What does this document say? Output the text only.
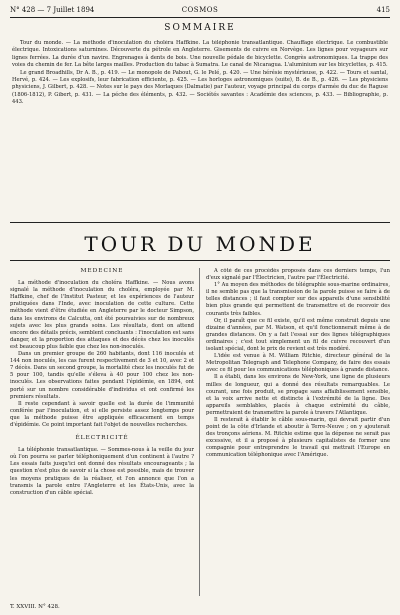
N° 428 — 7 Juillet 1894	COSMOS	415
SOMMAIRE

Tour du monde. — La méthode d'inoculation du choléra Haffkine. La téléphonie transatlantique. Chauffage électrique. Le combustible électrique. Intoxications saturnines. Découverte du pétrole en Angleterre. Gisements de cuivre en Norvège. Les lignes pour voyageurs sur lignes ferrées. La durée d'un navire. Engrenages à dents de bois. Une nouvelle pédale de bicyclette. Congrès astronomiques. La trappe des voies du chemin de fer. La bête larges mailles. Production du tabac à Sumatra. Le canal de Nicaragua. L'aluminium sur les bicyclettes, p. 415.

Le grand Broadhills, Dr A. B., p. 419. — Le monopole de Pabout, G. le Pelé, p. 420. — Une hérésie mystérieuse, p. 422. — Tours et santal, Hervé, p. 424. — Les explosifs, leur fabrication efficiente, p. 425. — Les horloges astronomiques (suite), B. de B., p. 426. — Les physiciens physiciens, J. Gilbert, p. 428. — Notes sur le pays des Morlaques (Dalmatie) par l'auteur, voyage principal du corps d'armée du duc de Raguse (1806-1812), P. Gibert, p. 431. — La péche des éléments, p. 432. — Sociétés savantes : Académie des sciences, p. 433. — Bibliographie, p. 443.

TOUR DU MONDE

MÉDECINE

La méthode d'inoculation du choléra Haffkine. — Nous avons signalé la méthode d'inoculation du choléra, employée par M. Haffkine, chef de l'Institut Pasteur, et les expériences de l'auteur pratiquées dans l'Inde, avec inoculation de cette culture. Cette méthode vient d'être étudiée en Angleterre par le docteur Simpson, dans les environs de Calcutta, ont été poursuivies sur de nombreux sujets avec les plus grands soins. Les résultats, dont on attend encore des détails précis, semblent concluants : l'inoculation est sans danger, et la proportion des attaques et des décès chez les inoculés est beaucoup plus faible que chez les non-inoculés.

Dans un premier groupe de 260 habitants, dont 116 inoculés et 144 non inoculés, les cas furent respectivement de 3 et 10, avec 2 et 7 décès. Dans un second groupe, la mortalité chez les inoculés fut de 5 pour 100, tandis qu'elle s'éleva à 40 pour 100 chez les non-inoculés. Les observations faites pendant l'épidémie, en 1894, ont porté sur un nombre considérable d'individus et ont confirmé les premiers résultats.

Il reste cependant à savoir quelle est la durée de l'immunité conférée par l'inoculation, et si elle persiste assez longtemps pour que la méthode puisse être appliquée efficacement en temps d'épidémie. Ce point important fait l'objet de nouvelles recherches.

ÉLECTRICITÉ

La téléphonie transatlantique. — Sommes-nous à la veille du jour où l'on pourra se parler téléphoniquement d'un continent à l'autre ? Les essais faits jusqu'ici ont donné des résultats encourageants ; la question n'est plus de savoir si la chose est possible, mais de trouver les moyens pratiques de la réaliser, et l'on annonce que l'on a transmis la parole entre l'Angleterre et les États-Unis, avec la construction d'un câble spécial.

A côté de ces procédés proposés dans ces derniers temps, l'un d'eux signalé par l'Électricien, l'autre par l'Électricité.

1° Au moyen des méthodes de télégraphie sous-marine ordinaires, il ne semble pas que la transmission de la parole puisse se faire à de telles distances ; il faut compter sur des appareils d'une sensibilité bien plus grande qui permettent de transmettre et de recevoir des courants très faibles.

Or, il paraît que ce fil existe, qu'il est même construit depuis une dizaine d'années, par M. Watson, et qu'il fonctionnerait même à de grandes distances. On y a fait l'essai sur des lignes télégraphiques ordinaires ; c'est tout simplement un fil de cuivre recouvert d'un isolant spécial, dont le prix de revient est très modéré.

L'idée est venue à M. William Ritchie, directeur général de la Metropolitan Telegraph and Telephone Company, de faire des essais avec ce fil pour les communications téléphoniques à grande distance.

Il a établi, dans les environs de New-York, une ligne de plusieurs milles de longueur, qui a donné des résultats remarquables. Le courant, une fois produit, se propage sans affaiblissement sensible, et la voix arrive nette et distincte à l'extrémité de la ligne. Des appareils semblables, placés à chaque extrémité du câble, permettraient de transmettre la parole à travers l'Atlantique.

Il resterait à établir le câble sous-marin, qui devrait partir d'un point de la côte d'Irlande et aboutir à Terre-Neuve ; on y ajouterait des tronçons aériens. M. Ritchie estime que la dépense ne serait pas excessive, et il a proposé à plusieurs capitalistes de former une compagnie pour entreprendre le travail qui mettrait l'Europe en communication téléphonique avec l'Amérique.

T. XXVIII. N° 428.
